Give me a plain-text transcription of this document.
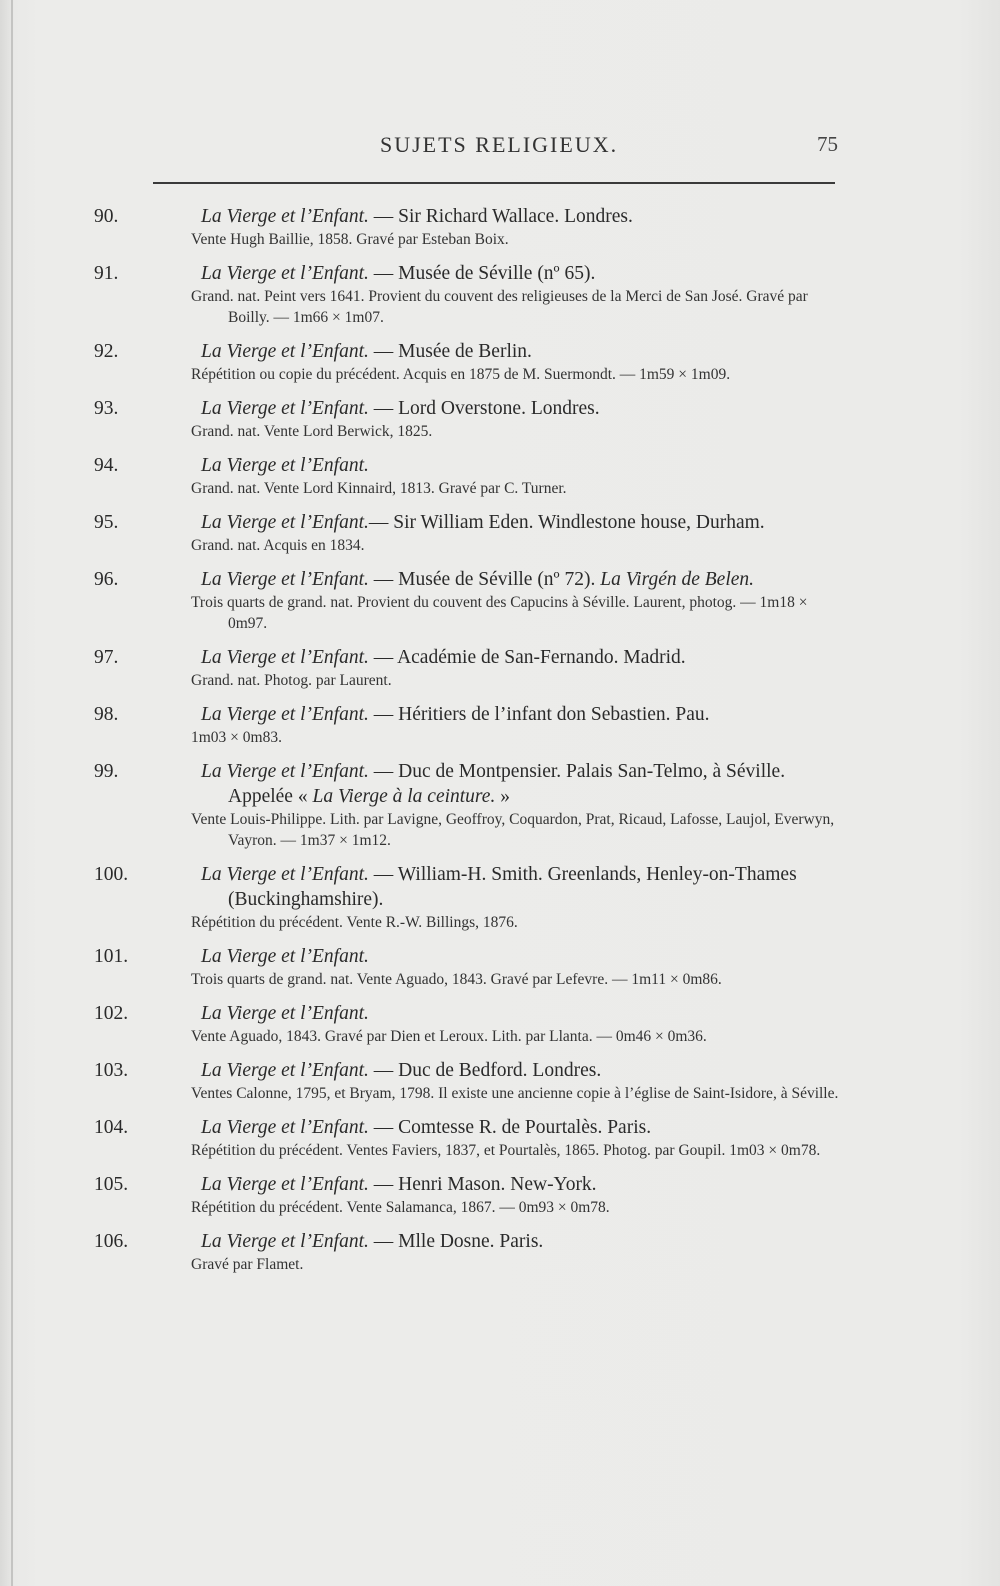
SUJETS RELIGIEUX.	75
90.	La Vierge et l’Enfant. — Sir Richard Wallace. Londres.
Vente Hugh Baillie, 1858. Gravé par Esteban Boix.
91.	La Vierge et l’Enfant. — Musée de Séville (nº 65).
Grand. nat. Peint vers 1641. Provient du couvent des religieuses de la Merci de San José. Gravé par Boilly. — 1m66 × 1m07.
92.	La Vierge et l’Enfant. — Musée de Berlin.
Répétition ou copie du précédent. Acquis en 1875 de M. Suermondt. — 1m59 × 1m09.
93.	La Vierge et l’Enfant. — Lord Overstone. Londres.
Grand. nat. Vente Lord Berwick, 1825.
94.	La Vierge et l’Enfant.
Grand. nat. Vente Lord Kinnaird, 1813. Gravé par C. Turner.
95.	La Vierge et l’Enfant.— Sir William Eden. Windlestone house, Durham.
Grand. nat. Acquis en 1834.
96.	La Vierge et l’Enfant. — Musée de Séville (nº 72). La Virgén de Belen.
Trois quarts de grand. nat. Provient du couvent des Capucins à Séville. Laurent, photog. — 1m18 × 0m97.
97.	La Vierge et l’Enfant. — Académie de San-Fernando. Madrid.
Grand. nat. Photog. par Laurent.
98.	La Vierge et l’Enfant. — Héritiers de l’infant don Sebastien. Pau.
1m03 × 0m83.
99.	La Vierge et l’Enfant. — Duc de Montpensier. Palais San-Telmo, à Séville. Appelée « La Vierge à la ceinture. »
Vente Louis-Philippe. Lith. par Lavigne, Geoffroy, Coquardon, Prat, Ricaud, Lafosse, Laujol, Everwyn, Vayron. — 1m37 × 1m12.
100.	La Vierge et l’Enfant. — William-H. Smith. Greenlands, Henley-on-Thames (Buckinghamshire).
Répétition du précédent. Vente R.-W. Billings, 1876.
101.	La Vierge et l’Enfant.
Trois quarts de grand. nat. Vente Aguado, 1843. Gravé par Lefevre. — 1m11 × 0m86.
102.	La Vierge et l’Enfant.
Vente Aguado, 1843. Gravé par Dien et Leroux. Lith. par Llanta. — 0m46 × 0m36.
103.	La Vierge et l’Enfant. — Duc de Bedford. Londres.
Ventes Calonne, 1795, et Bryam, 1798. Il existe une ancienne copie à l’église de Saint-Isidore, à Séville.
104.	La Vierge et l’Enfant. — Comtesse R. de Pourtalès. Paris.
Répétition du précédent. Ventes Faviers, 1837, et Pourtalès, 1865. Photog. par Goupil. 1m03 × 0m78.
105.	La Vierge et l’Enfant. — Henri Mason. New-York.
Répétition du précédent. Vente Salamanca, 1867. — 0m93 × 0m78.
106.	La Vierge et l’Enfant. — Mlle Dosne. Paris.
Gravé par Flamet.
